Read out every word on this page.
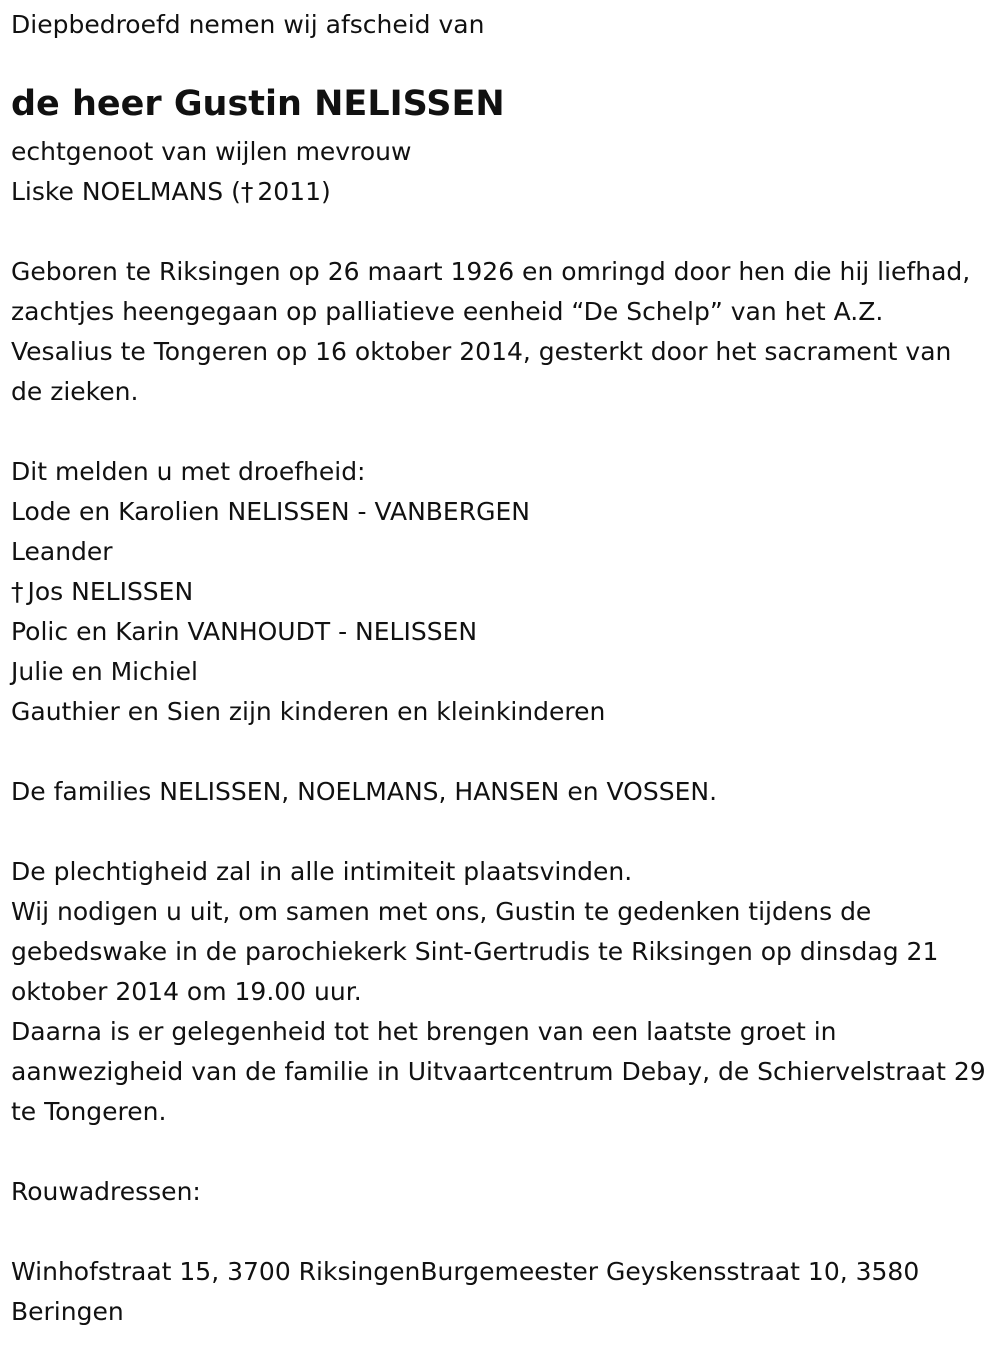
Diepbedroefd nemen wij afscheid van
de heer Gustin NELISSEN
echtgenoot van wijlen mevrouw
Liske NOELMANS († 2011)
Geboren te Riksingen op 26 maart 1926 en omringd door hen die hij liefhad, zachtjes heengegaan op palliatieve eenheid “De Schelp” van het A.Z. Vesalius te Tongeren op 16 oktober 2014, gesterkt door het sacrament van de zieken.
Dit melden u met droefheid:
Lode en Karolien NELISSEN - VANBERGEN
Leander
† Jos NELISSEN
Polic en Karin VANHOUDT - NELISSEN
Julie en Michiel
Gauthier en Sien zijn kinderen en kleinkinderen
De families NELISSEN, NOELMANS, HANSEN en VOSSEN.
De plechtigheid zal in alle intimiteit plaatsvinden.
Wij nodigen u uit, om samen met ons, Gustin te gedenken tijdens de gebedswake in de parochiekerk Sint-Gertrudis te Riksingen op dinsdag 21 oktober 2014 om 19.00 uur.
Daarna is er gelegenheid tot het brengen van een laatste groet in aanwezigheid van de familie in Uitvaartcentrum Debay, de Schiervelstraat 29 te Tongeren.
Rouwadressen:
Winhofstraat 15, 3700 RiksingenBurgemeester Geyskensstraat 10, 3580 Beringen
